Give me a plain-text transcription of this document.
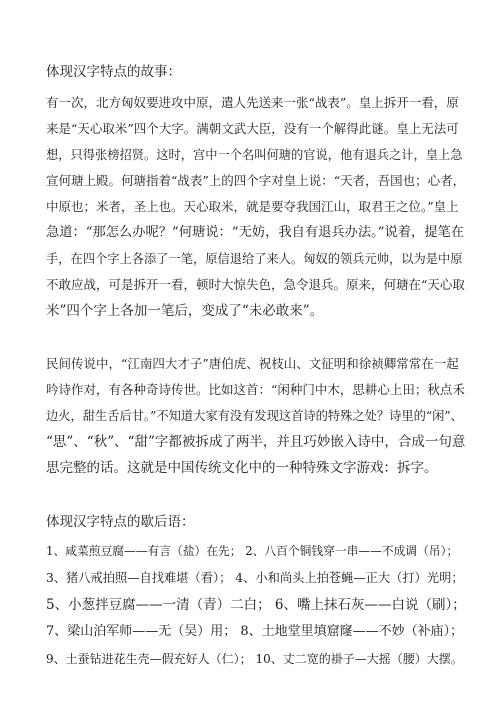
体现汉字特点的故事：
有一次，北方匈奴要进攻中原，遣人先送来一张“战表”。皇上拆开一看，原
来是“天心取米”四个大字。满朝文武大臣，没有一个解得此谜。皇上无法可
想，只得张榜招贤。这时，宫中一个名叫何瑭的官说，他有退兵之计，皇上急
宣何瑭上殿。何瑭指着“战表”上的四个字对皇上说：“天者，吾国也；心者，
中原也；米者，圣上也。天心取米，就是要夺我国江山，取君王之位。”皇上
急道：“那怎么办呢？”何瑭说：“无妨，我自有退兵办法。”说着，提笔在
手，在四个字上各添了一笔，原信退给了来人。匈奴的领兵元帅，以为是中原
不敢应战，可是拆开一看，顿时大惊失色，急令退兵。原来，何瑭在“天心取
米”四个字上各加一笔后，变成了“未必敢来”。
民间传说中，“江南四大才子”唐伯虎、祝枝山、文征明和徐祯卿常常在一起
吟诗作对，有各种奇诗传世。比如这首：“闲种门中木，思耕心上田；秋点禾
边火，甜生舌后甘。”不知道大家有没有发现这首诗的特殊之处？诗里的“闲”、
“思”、“秋”、“甜”字都被拆成了两半，并且巧妙嵌入诗中，合成一句意
思完整的话。这就是中国传统文化中的一种特殊文字游戏：拆字。
体现汉字特点的歇后语：
1、咸菜煎豆腐——有言（盐）在先； 2、八百个铜钱穿一串——不成调（吊）；
3、猪八戒拍照—自找难堪（看）； 4、小和尚头上拍苍蝇—正大（打）光明；
5、小葱拌豆腐——一清（青）二白； 6、嘴上抹石灰——白说（刷）；
7、梁山泊军师——无（吴）用； 8、土地堂里填窟窿——不妙（补庙）；
9、土蚕钻进花生壳—假充好人（仁）； 10、丈二宽的褂子—大摇（腰）大摆。
